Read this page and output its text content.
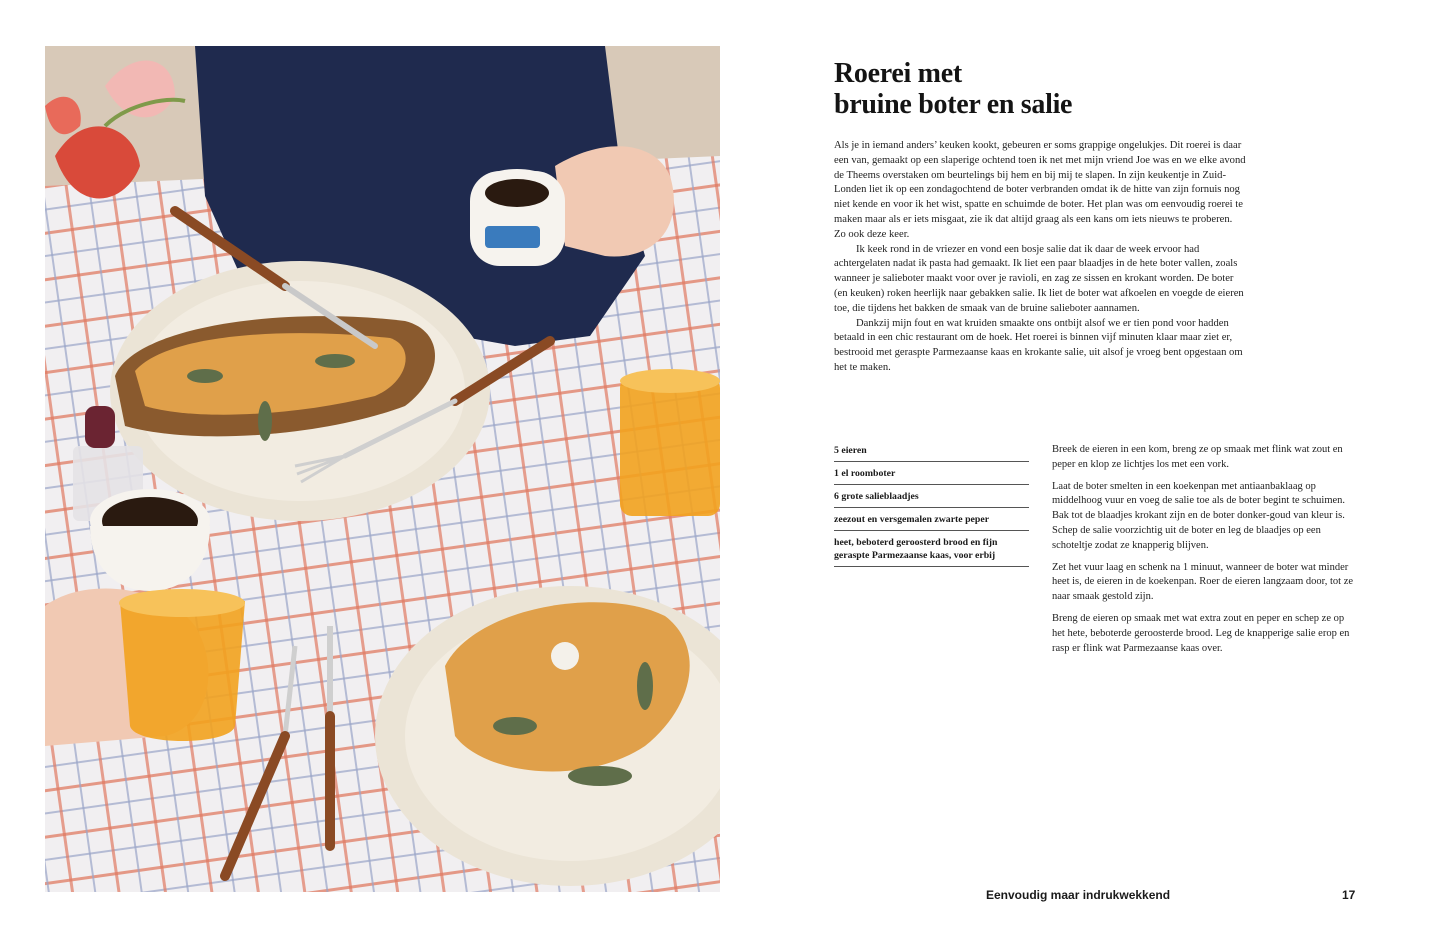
Roerei met
bruine boter en salie

Als je in iemand anders’ keuken kookt, gebeuren er soms grappige ongelukjes. Dit roerei is daar een van, gemaakt op een slaperige ochtend toen ik net met mijn vriend Joe was en we elke avond de Theems overstaken om beurtelings bij hem en bij mij te slapen. In zijn keukentje in Zuid-Londen liet ik op een zondagochtend de boter verbranden omdat ik de hitte van zijn fornuis nog niet kende en voor ik het wist, spatte en schuimde de boter. Het plan was om eenvoudig roerei te maken maar als er iets misgaat, zie ik dat altijd graag als een kans om iets nieuws te proberen. Zo ook deze keer.

Ik keek rond in de vriezer en vond een bosje salie dat ik daar de week ervoor had achtergelaten nadat ik pasta had gemaakt. Ik liet een paar blaadjes in de hete boter vallen, zoals wanneer je salieboter maakt voor over je ravioli, en zag ze sissen en krokant worden. De boter (en keuken) roken heerlijk naar gebakken salie. Ik liet de boter wat afkoelen en voegde de eieren toe, die tijdens het bakken de smaak van de bruine salieboter aannamen.

Dankzij mijn fout en wat kruiden smaakte ons ontbijt alsof we er tien pond voor hadden betaald in een chic restaurant om de hoek. Het roerei is binnen vijf minuten klaar maar ziet er, bestrooid met geraspte Parmezaanse kaas en krokante salie, uit alsof je vroeg bent opgestaan om het te maken.

5 eieren
1 el roomboter
6 grote salieblaadjes
zeezout en versgemalen zwarte peper
heet, beboterd geroosterd brood en fijn geraspte Parmezaanse kaas, voor erbij

Breek de eieren in een kom, breng ze op smaak met flink wat zout en peper en klop ze lichtjes los met een vork.

Laat de boter smelten in een koekenpan met antiaanbaklaag op middelhoog vuur en voeg de salie toe als de boter begint te schuimen. Bak tot de blaadjes krokant zijn en de boter donker-goud van kleur is. Schep de salie voorzichtig uit de boter en leg de blaadjes op een schoteltje zodat ze knapperig blijven.

Zet het vuur laag en schenk na 1 minuut, wanneer de boter wat minder heet is, de eieren in de koekenpan. Roer de eieren langzaam door, tot ze naar smaak gestold zijn.

Breng de eieren op smaak met wat extra zout en peper en schep ze op het hete, beboterde geroosterde brood. Leg de knapperige salie erop en rasp er flink wat Parmezaanse kaas over.

Eenvoudig maar indrukwekkend	17
